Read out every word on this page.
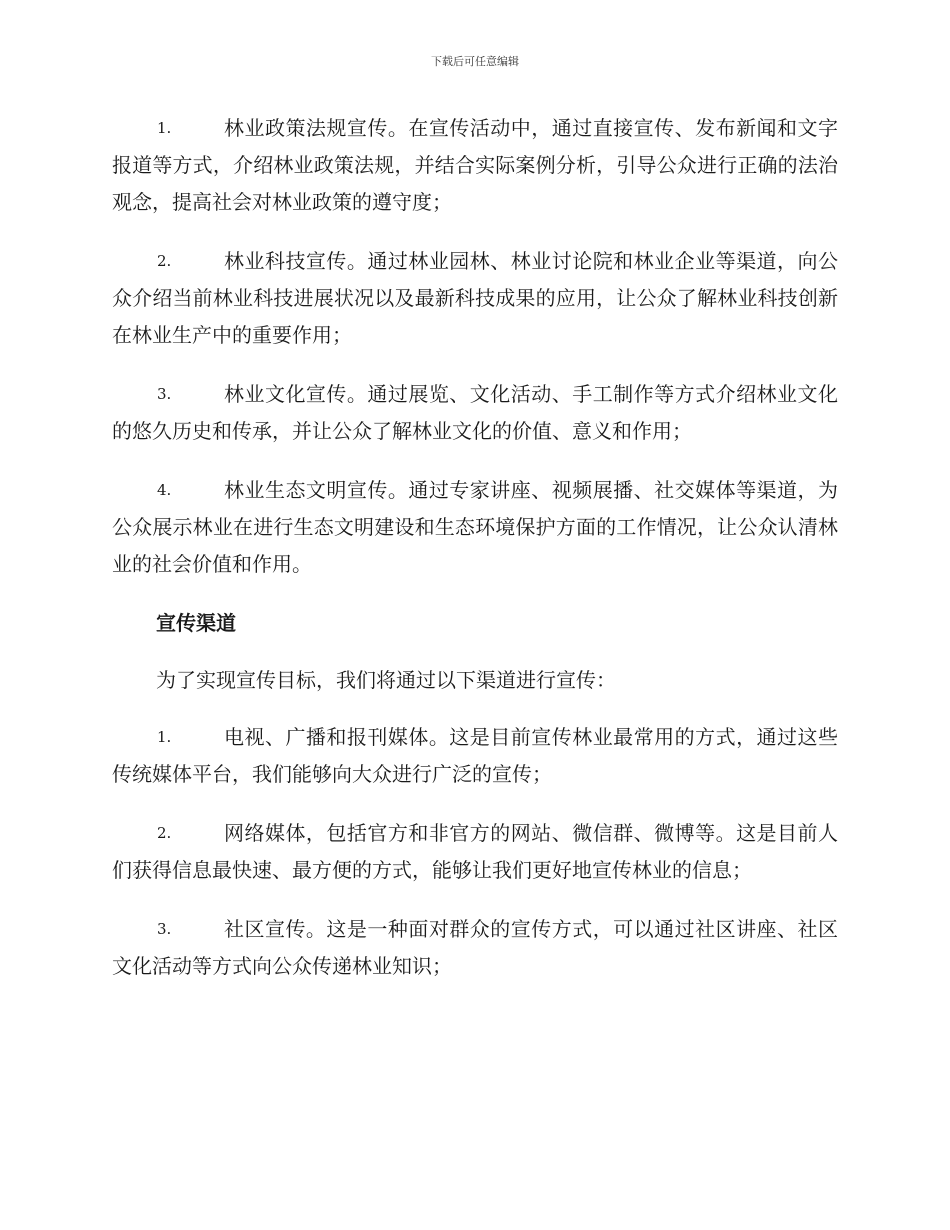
下载后可任意编辑
1.	林业政策法规宣传。在宣传活动中，通过直接宣传、发布新闻和文字报道等方式，介绍林业政策法规，并结合实际案例分析，引导公众进行正确的法治观念，提高社会对林业政策的遵守度；
2.	林业科技宣传。通过林业园林、林业讨论院和林业企业等渠道，向公众介绍当前林业科技进展状况以及最新科技成果的应用，让公众了解林业科技创新在林业生产中的重要作用；
3.	林业文化宣传。通过展览、文化活动、手工制作等方式介绍林业文化的悠久历史和传承，并让公众了解林业文化的价值、意义和作用；
4.	林业生态文明宣传。通过专家讲座、视频展播、社交媒体等渠道，为公众展示林业在进行生态文明建设和生态环境保护方面的工作情况，让公众认清林业的社会价值和作用。
宣传渠道
为了实现宣传目标，我们将通过以下渠道进行宣传：
1.	电视、广播和报刊媒体。这是目前宣传林业最常用的方式，通过这些传统媒体平台，我们能够向大众进行广泛的宣传；
2.	网络媒体，包括官方和非官方的网站、微信群、微博等。这是目前人们获得信息最快速、最方便的方式，能够让我们更好地宣传林业的信息；
3.	社区宣传。这是一种面对群众的宣传方式，可以通过社区讲座、社区文化活动等方式向公众传递林业知识；
